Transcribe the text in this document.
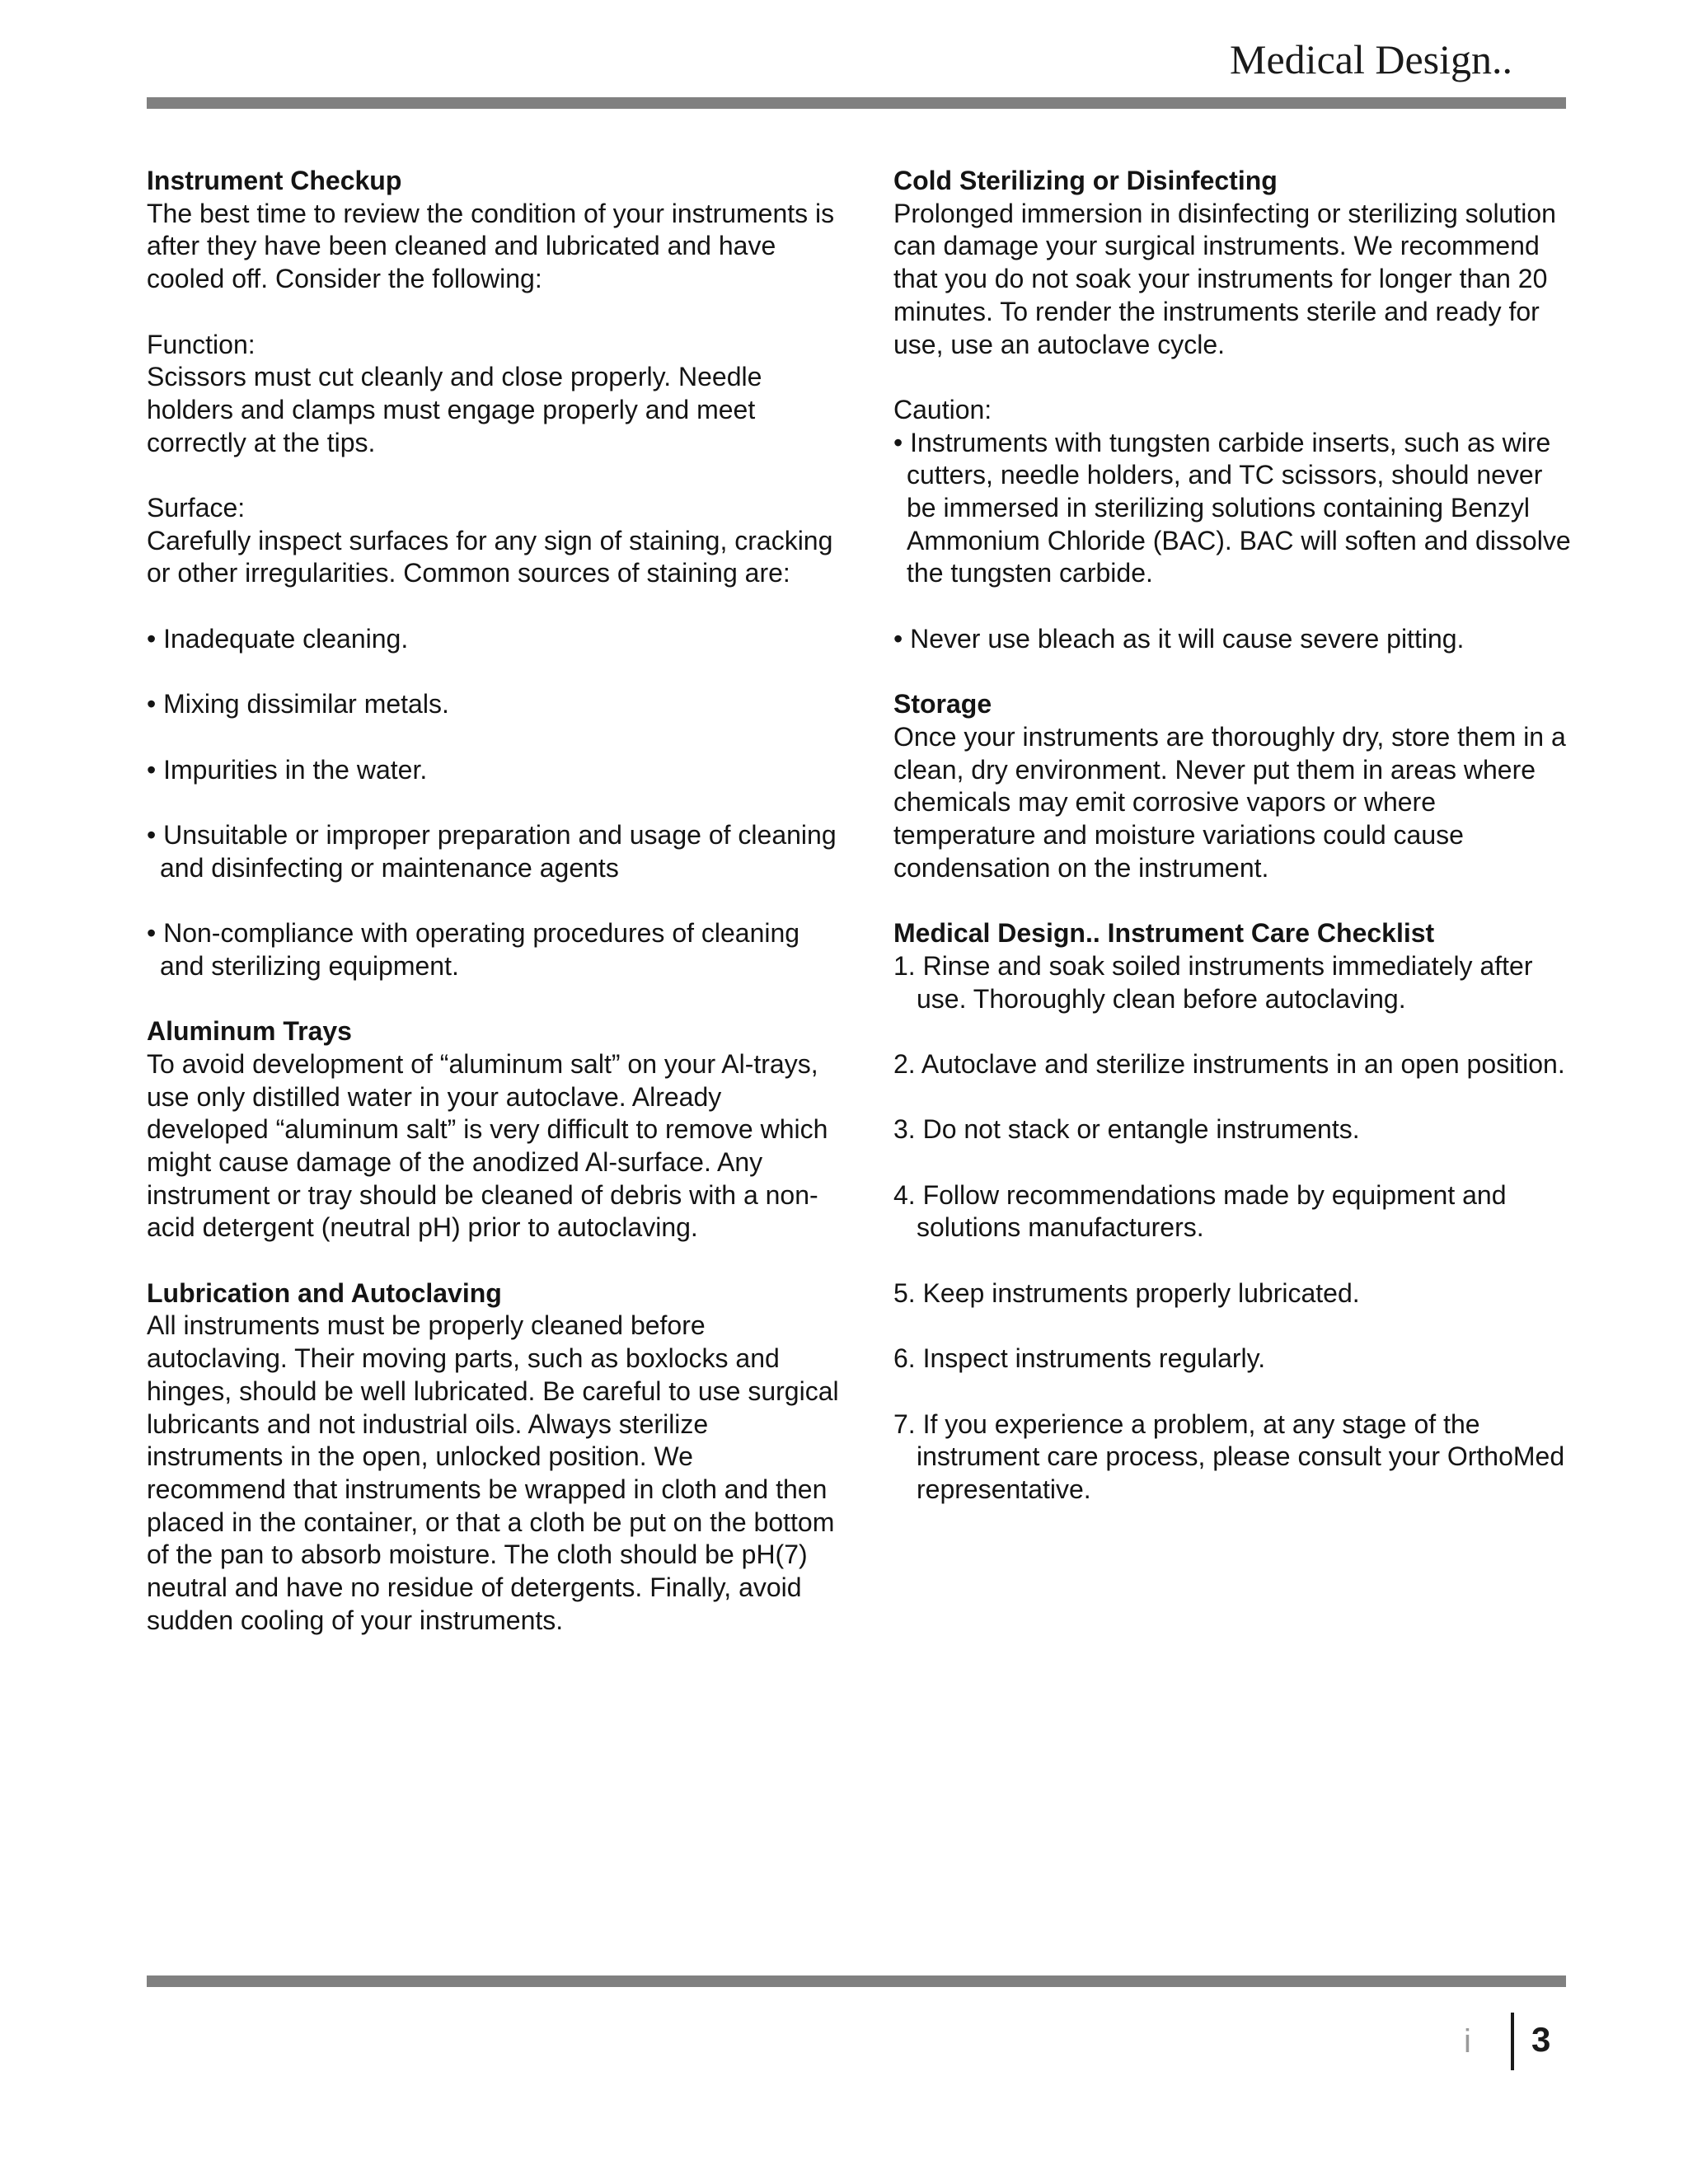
Medical Design..
Instrument Checkup
The best time to review the condition of your instruments is after they have been cleaned and lubricated and have cooled off. Consider the following:
Function:
Scissors must cut cleanly and close properly. Needle holders and clamps must engage properly and meet correctly at the tips.
Surface:
Carefully inspect surfaces for any sign of staining, cracking or other irregularities. Common sources of staining are:
• Inadequate cleaning.
• Mixing dissimilar metals.
• Impurities in the water.
• Unsuitable or improper preparation and usage of cleaning and disinfecting or maintenance agents
• Non-compliance with operating procedures of cleaning and sterilizing equipment.
Aluminum Trays
To avoid development of “aluminum salt” on your Al-trays, use only distilled water in your autoclave. Already developed “aluminum salt” is very difficult to remove which might cause damage of the anodized Al-surface. Any instrument or tray should be cleaned of debris with a non-acid detergent (neutral pH) prior to autoclaving.
Lubrication and Autoclaving
All instruments must be properly cleaned before autoclaving. Their moving parts, such as boxlocks and hinges, should be well lubricated. Be careful to use surgical lubricants and not industrial oils. Always sterilize instruments in the open, unlocked position. We recommend that instruments be wrapped in cloth and then placed in the container, or that a cloth be put on the bottom of the pan to absorb moisture. The cloth should be pH(7) neutral and have no residue of detergents. Finally, avoid sudden cooling of your instruments.
Cold Sterilizing or Disinfecting
Prolonged immersion in disinfecting or sterilizing solution can damage your surgical instruments. We recommend that you do not soak your instruments for longer than 20 minutes. To render the instruments sterile and ready for use, use an autoclave cycle.
Caution:
• Instruments with tungsten carbide inserts, such as wire cutters, needle holders, and TC scissors, should never be immersed in sterilizing solutions containing Benzyl Ammonium Chloride (BAC). BAC will soften and dissolve the tungsten carbide.
• Never use bleach as it will cause severe pitting.
Storage
Once your instruments are thoroughly dry, store them in a clean, dry environment. Never put them in areas where chemicals may emit corrosive vapors or where temperature and moisture variations could cause condensation on the instrument.
Medical Design.. Instrument Care Checklist
1. Rinse and soak soiled instruments immediately after use. Thoroughly clean before autoclaving.
2. Autoclave and sterilize instruments in an open position.
3. Do not stack or entangle instruments.
4. Follow recommendations made by equipment and solutions manufacturers.
5. Keep instruments properly lubricated.
6. Inspect instruments regularly.
7. If you experience a problem, at any stage of the instrument care process, please consult your OrthoMed representative.
i 3
